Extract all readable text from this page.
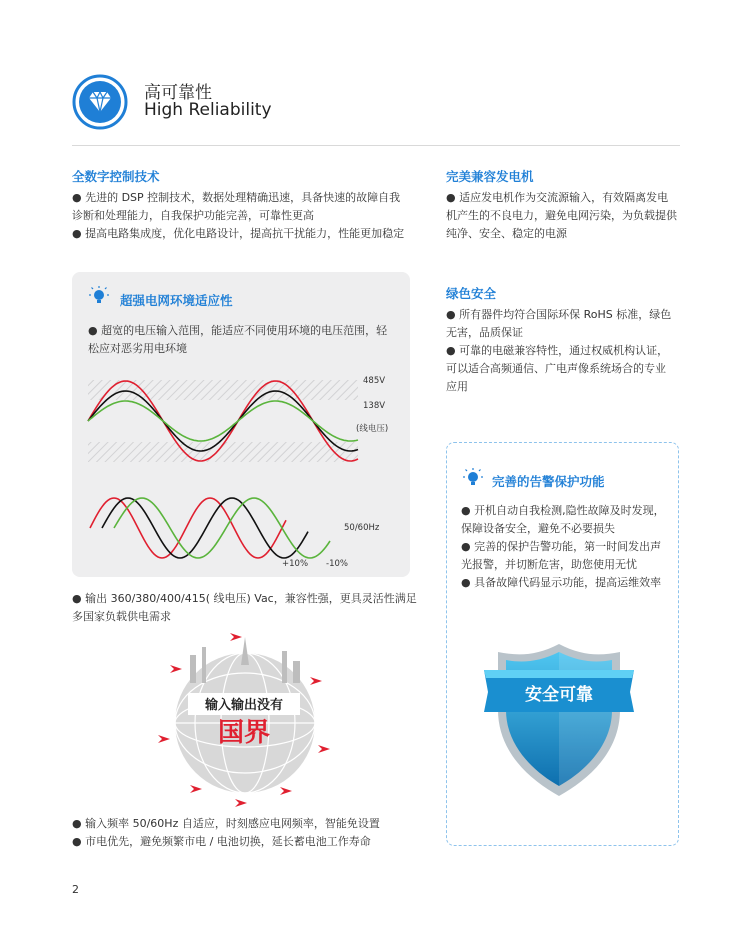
高可靠性
High Reliability
全数字控制技术
● 先进的 DSP 控制技术，数据处理精确迅速，具备快速的故障自我
诊断和处理能力，自我保护功能完善，可靠性更高
● 提高电路集成度，优化电路设计，提高抗干扰能力，性能更加稳定
超强电网环境适应性
● 超宽的电压输入范围，能适应不同使用环境的电压范围，轻
松应对恶劣用电环境
485V
138V
(线电压)
50/60Hz
+10% -10%
● 输出 360/380/400/415( 线电压) Vac，兼容性强，更具灵活性满足
多国家负载供电需求
输入输出没有
国界
● 输入频率 50/60Hz 自适应，时刻感应电网频率，智能免设置
● 市电优先，避免频繁市电 / 电池切换，延长蓄电池工作寿命
完美兼容发电机
● 适应发电机作为交流源输入，有效隔离发电
机产生的不良电力，避免电网污染，为负载提供
纯净、安全、稳定的电源
绿色安全
● 所有器件均符合国际环保 RoHS 标准，绿色
无害，品质保证
● 可靠的电磁兼容特性，通过权威机构认证，
可以适合高频通信、广电声像系统场合的专业
应用
完善的告警保护功能
● 开机自动自我检测,隐性故障及时发现，
保障设备安全，避免不必要损失
● 完善的保护告警功能，第一时间发出声
光报警，并切断危害，助您使用无忧
● 具备故障代码显示功能，提高运维效率
安全可靠
2
